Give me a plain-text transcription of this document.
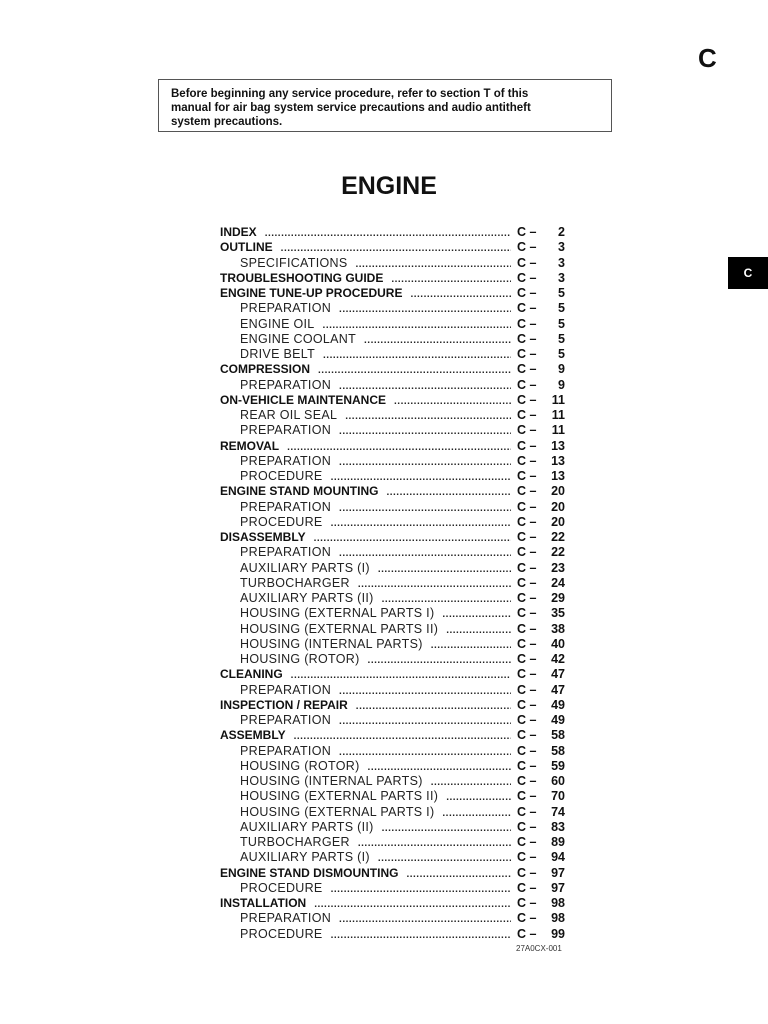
C
Before beginning any service procedure, refer to section T of this
manual for air bag system service precautions and audio antitheft
system precautions.
C
ENGINE
INDEX .....	C –	2
OUTLINE .....	C –	3
SPECIFICATIONS .....	C –	3
TROUBLESHOOTING GUIDE .....	C –	3
ENGINE TUNE-UP PROCEDURE .....	C –	5
PREPARATION .....	C –	5
ENGINE OIL .....	C –	5
ENGINE COOLANT .....	C –	5
DRIVE BELT .....	C –	5
COMPRESSION .....	C –	9
PREPARATION .....	C –	9
ON-VEHICLE MAINTENANCE .....	C –	11
REAR OIL SEAL .....	C –	11
PREPARATION .....	C –	11
REMOVAL .....	C –	13
PREPARATION .....	C –	13
PROCEDURE .....	C –	13
ENGINE STAND MOUNTING .....	C –	20
PREPARATION .....	C –	20
PROCEDURE .....	C –	20
DISASSEMBLY .....	C –	22
PREPARATION .....	C –	22
AUXILIARY PARTS (I) .....	C –	23
TURBOCHARGER .....	C –	24
AUXILIARY PARTS (II) .....	C –	29
HOUSING (EXTERNAL PARTS I) .....	C –	35
HOUSING (EXTERNAL PARTS II) .....	C –	38
HOUSING (INTERNAL PARTS) .....	C –	40
HOUSING (ROTOR) .....	C –	42
CLEANING .....	C –	47
PREPARATION .....	C –	47
INSPECTION / REPAIR .....	C –	49
PREPARATION .....	C –	49
ASSEMBLY .....	C –	58
PREPARATION .....	C –	58
HOUSING (ROTOR) .....	C –	59
HOUSING (INTERNAL PARTS) .....	C –	60
HOUSING (EXTERNAL PARTS II) .....	C –	70
HOUSING (EXTERNAL PARTS I) .....	C –	74
AUXILIARY PARTS (II) .....	C –	83
TURBOCHARGER .....	C –	89
AUXILIARY PARTS (I) .....	C –	94
ENGINE STAND DISMOUNTING .....	C –	97
PROCEDURE .....	C –	97
INSTALLATION .....	C –	98
PREPARATION .....	C –	98
PROCEDURE .....	C –	99
27A0CX-001
